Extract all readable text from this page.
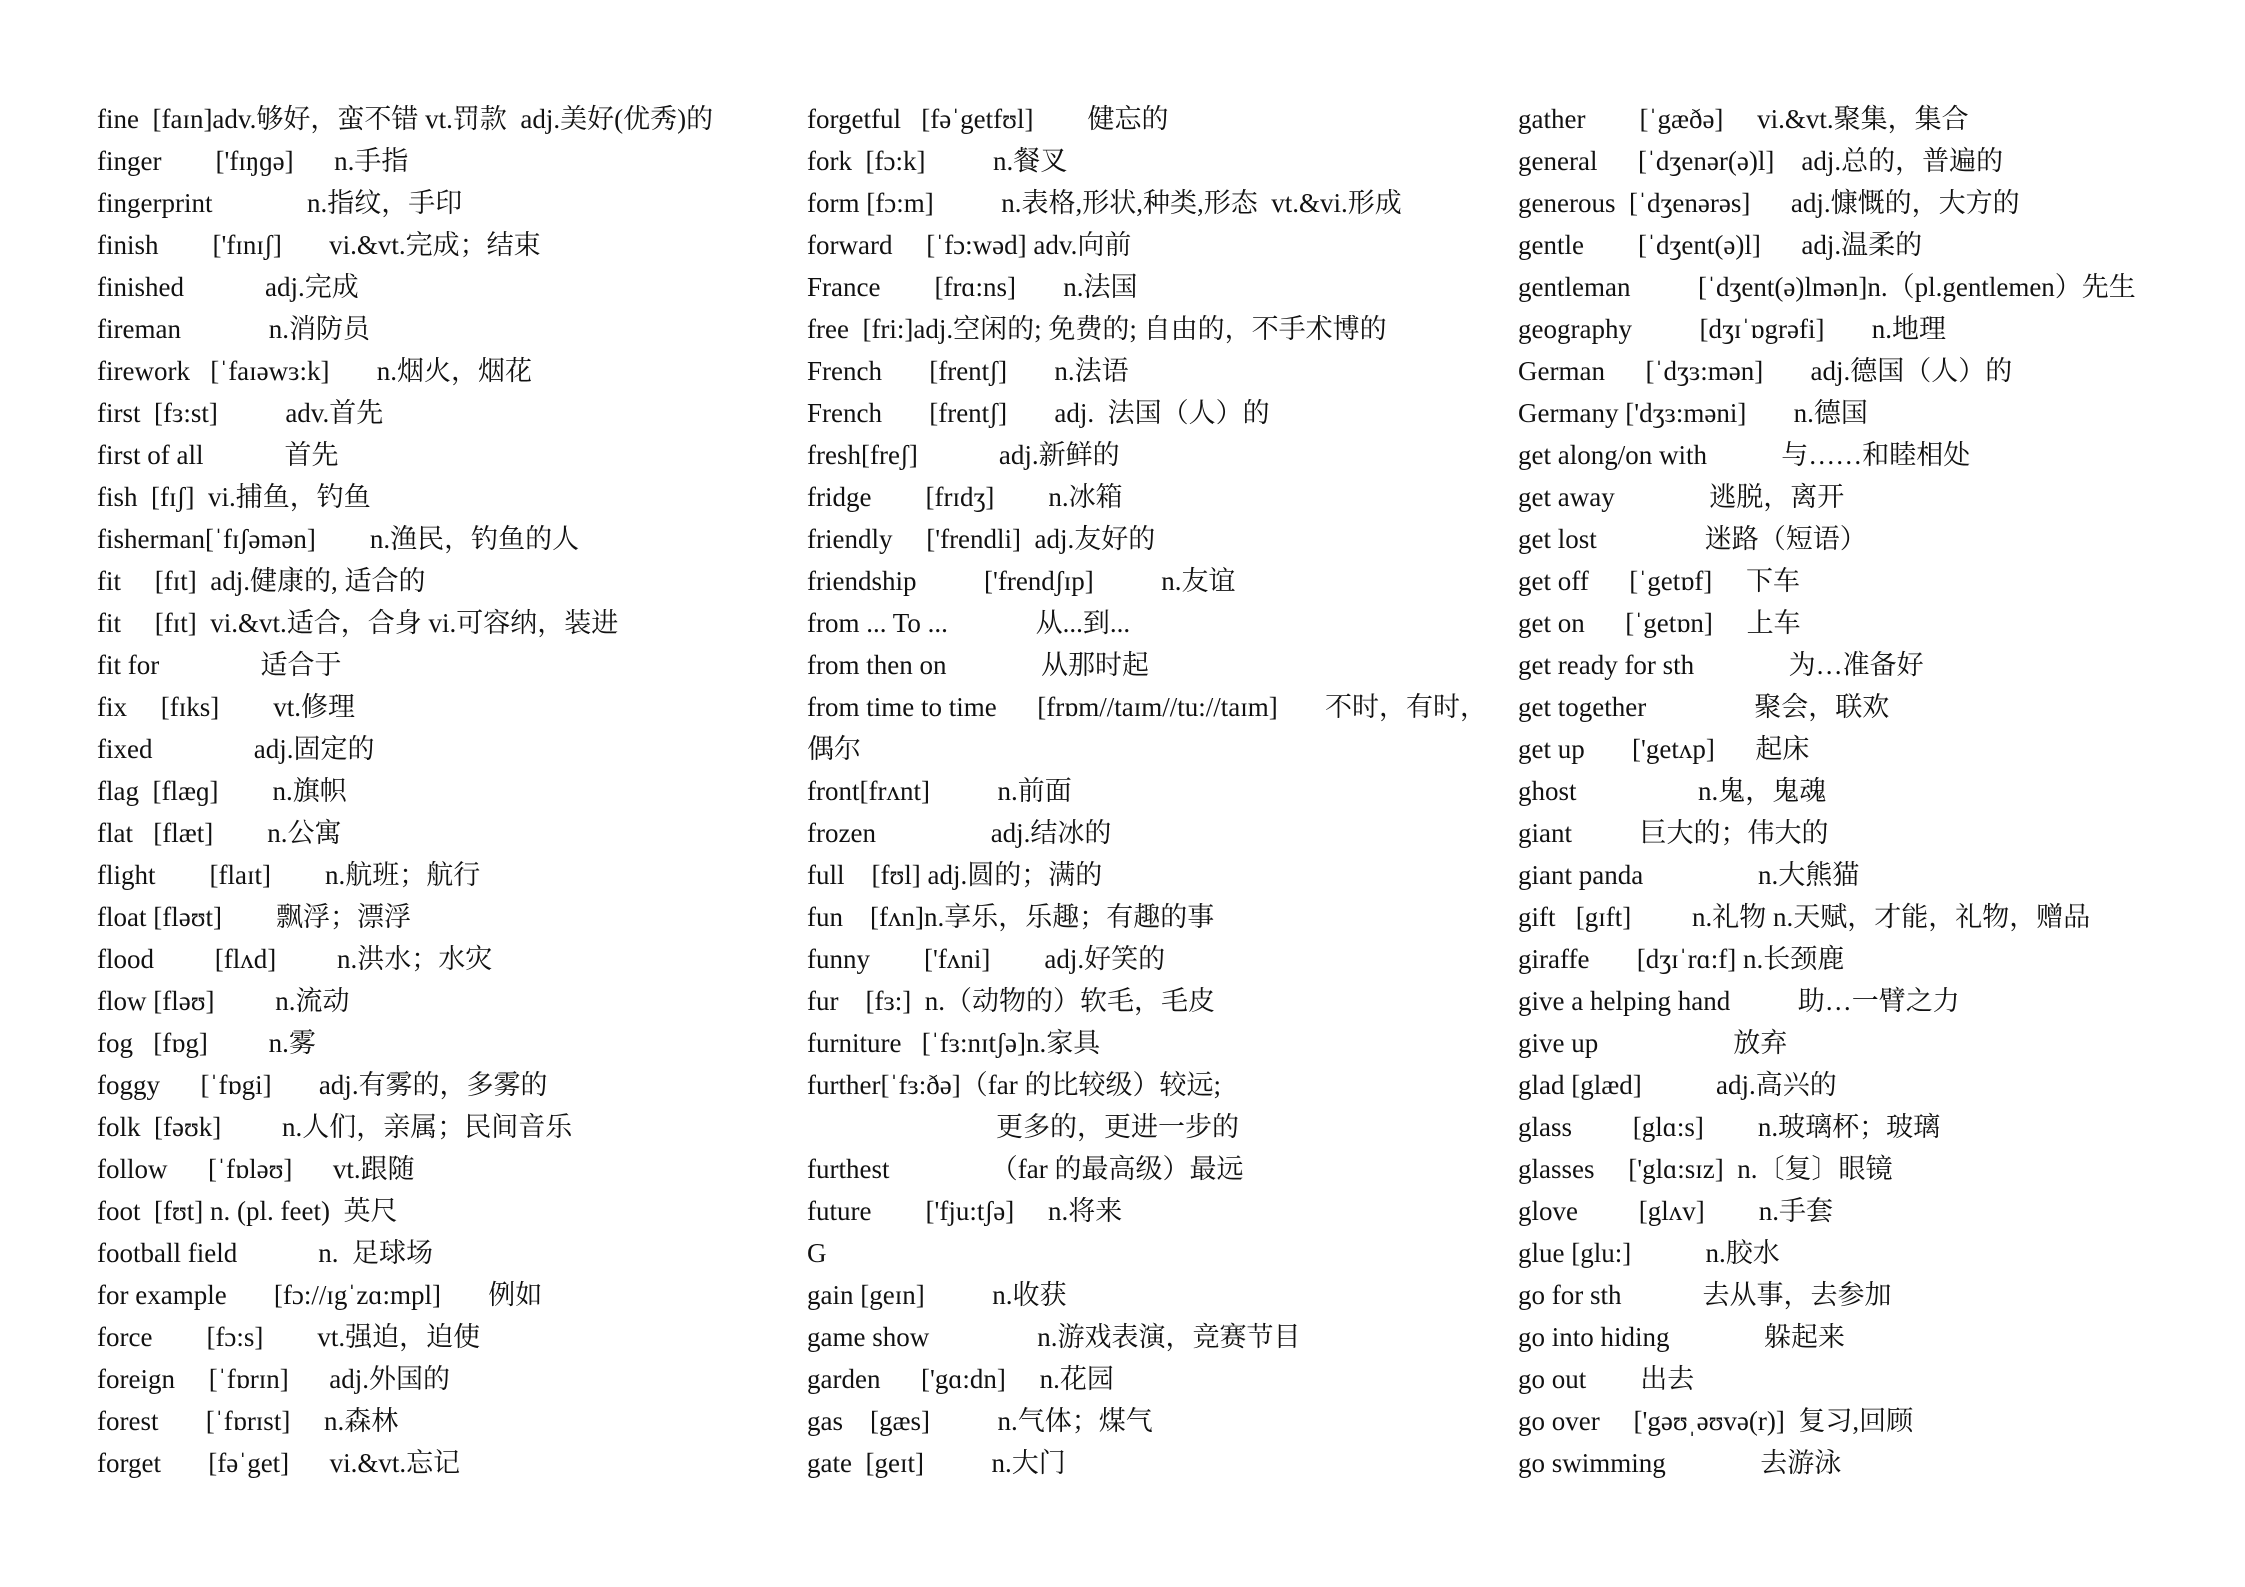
fine  [faɪn]adv.够好，蛮不错 vt.罚款  adj.美好(优秀)的
finger        ['fɪŋɡə]      n.手指
fingerprint              n.指纹，手印
finish        ['fɪnɪʃ]       vi.&vt.完成；结束
finished            adj.完成
fireman             n.消防员
firework   [ˈfaɪəwɜ:k]       n.烟火，烟花
first  [fɜ:st]          adv.首先
first of all            首先
fish  [fɪʃ]  vi.捕鱼，钓鱼
fisherman[ˈfɪʃəmən]        n.渔民，钓鱼的人
fit     [fɪt]  adj.健康的, 适合的
fit     [fɪt]  vi.&vt.适合，合身 vi.可容纳，装进
fit for               适合于
fix     [fɪks]        vt.修理
fixed               adj.固定的
flag  [flæɡ]        n.旗帜
flat   [flæt]        n.公寓
flight        [flaɪt]        n.航班；航行
float [fləʊt]        飘浮；漂浮
flood         [flʌd]         n.洪水；水灾
flow [fləʊ]         n.流动
fog   [fɒg]         n.雾
foggy      [ˈfɒgi]       adj.有雾的，多雾的
folk  [fəʊk]         n.人们，亲属；民间音乐
follow      [ˈfɒləʊ]      vt.跟随
foot  [fʊt] n. (pl. feet)  英尺
football field            n.  足球场
for example       [fɔ://ɪgˈzɑ:mpl]       例如
force        [fɔ:s]        vt.强迫，迫使
foreign     [ˈfɒrɪn]      adj.外国的
forest       [ˈfɒrɪst]     n.森林
forget       [fəˈget]      vi.&vt.忘记
forgetful   [fəˈgetfʊl]        健忘的
fork  [fɔ:k]          n.餐叉
form [fɔ:m]          n.表格,形状,种类,形态  vt.&vi.形成
forward     [ˈfɔ:wəd] adv.向前
France        [frɑ:ns]       n.法国
free  [fri:]adj.空闲的; 免费的; 自由的，不手术博的
French       [frentʃ]       n.法语
French       [frentʃ]       adj.  法国（人）的
fresh[freʃ]            adj.新鲜的
fridge        [frɪdʒ]        n.冰箱
friendly     ['frendli]  adj.友好的
friendship          ['frendʃɪp]          n.友谊
from ... To ...             从...到...
from then on              从那时起
from time to time      [frɒm//taɪm//tu://taɪm]       不时，有时，
偶尔
front[frʌnt]          n.前面
frozen                 adj.结冰的
full    [fʊl] adj.圆的；满的
fun    [fʌn]n.享乐，乐趣；有趣的事
funny        ['fʌni]        adj.好笑的
fur    [fɜ:]  n.（动物的）软毛，毛皮
furniture   [ˈfɜ:nɪtʃə]n.家具
further[ˈfɜ:ðə]（far 的比较级）较远;
更多的，更进一步的
furthest               （far 的最高级）最远
future        ['fju:tʃə]     n.将来
G
gain [geɪn]          n.收获
game show                n.游戏表演，竞赛节目
garden      ['gɑ:dn]     n.花园
gas    [gæs]          n.气体；煤气
gate  [geɪt]          n.大门
gather        [ˈgæðə]     vi.&vt.聚集，集合
general      [ˈdʒenər(ə)l]    adj.总的，普遍的
generous  [ˈdʒenərəs]      adj.慷慨的，大方的
gentle        [ˈdʒent(ə)l]      adj.温柔的
gentleman          [ˈdʒent(ə)lmən]n.（pl.gentlemen）先生
geography          [dʒɪˈɒgrəfi]       n.地理
German      [ˈdʒɜ:mən]       adj.德国（人）的
Germany ['dʒɜ:məni]       n.德国
get along/on with           与……和睦相处
get away              逃脱，离开
get lost                迷路（短语）
get off      [ˈgetɒf]     下车
get on      [ˈgetɒn]     上车
get ready for sth              为…准备好
get together                聚会，联欢
get up       ['getʌp]      起床
ghost                  n.鬼，鬼魂
giant          巨大的；伟大的
giant panda                 n.大熊猫
gift   [gɪft]         n.礼物 n.天赋，才能，礼物，赠品
giraffe       [dʒɪˈrɑ:f] n.长颈鹿
give a helping hand          助…一臂之力
give up                    放弃
glad [glæd]           adj.高兴的
glass         [glɑ:s]        n.玻璃杯；玻璃
glasses     ['glɑ:sɪz]  n.〔复〕眼镜
glove         [glʌv]        n.手套
glue [glu:]           n.胶水
go for sth            去从事，去参加
go into hiding              躲起来
go out        出去
go over     ['gəʊˌəʊvə(r)]  复习,回顾
go swimming              去游泳
